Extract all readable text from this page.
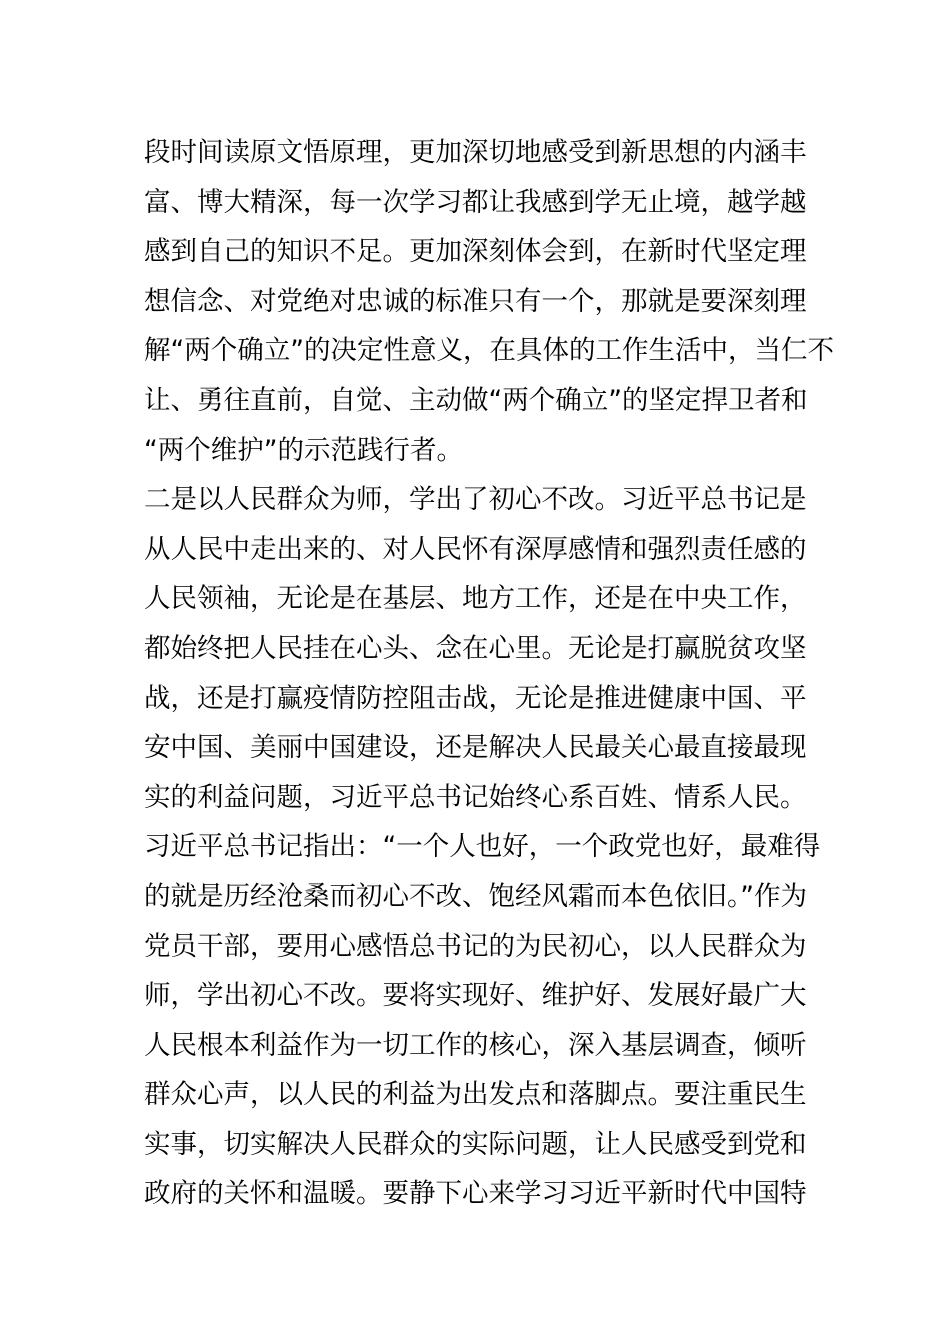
段时间读原文悟原理，更加深切地感受到新思想的内涵丰
富、博大精深，每一次学习都让我感到学无止境，越学越
感到自己的知识不足。更加深刻体会到，在新时代坚定理
想信念、对党绝对忠诚的标准只有一个，那就是要深刻理
解“两个确立”的决定性意义，在具体的工作生活中，当仁不
让、勇往直前，自觉、主动做“两个确立”的坚定捍卫者和
“两个维护”的示范践行者。
二是以人民群众为师，学出了初心不改。习近平总书记是
从人民中走出来的、对人民怀有深厚感情和强烈责任感的
人民领袖，无论是在基层、地方工作，还是在中央工作，
都始终把人民挂在心头、念在心里。无论是打赢脱贫攻坚
战，还是打赢疫情防控阻击战，无论是推进健康中国、平
安中国、美丽中国建设，还是解决人民最关心最直接最现
实的利益问题，习近平总书记始终心系百姓、情系人民。
习近平总书记指出：“一个人也好，一个政党也好，最难得
的就是历经沧桑而初心不改、饱经风霜而本色依旧。”作为
党员干部，要用心感悟总书记的为民初心，以人民群众为
师，学出初心不改。要将实现好、维护好、发展好最广大
人民根本利益作为一切工作的核心，深入基层调查，倾听
群众心声，以人民的利益为出发点和落脚点。要注重民生
实事，切实解决人民群众的实际问题，让人民感受到党和
政府的关怀和温暖。要静下心来学习习近平新时代中国特
